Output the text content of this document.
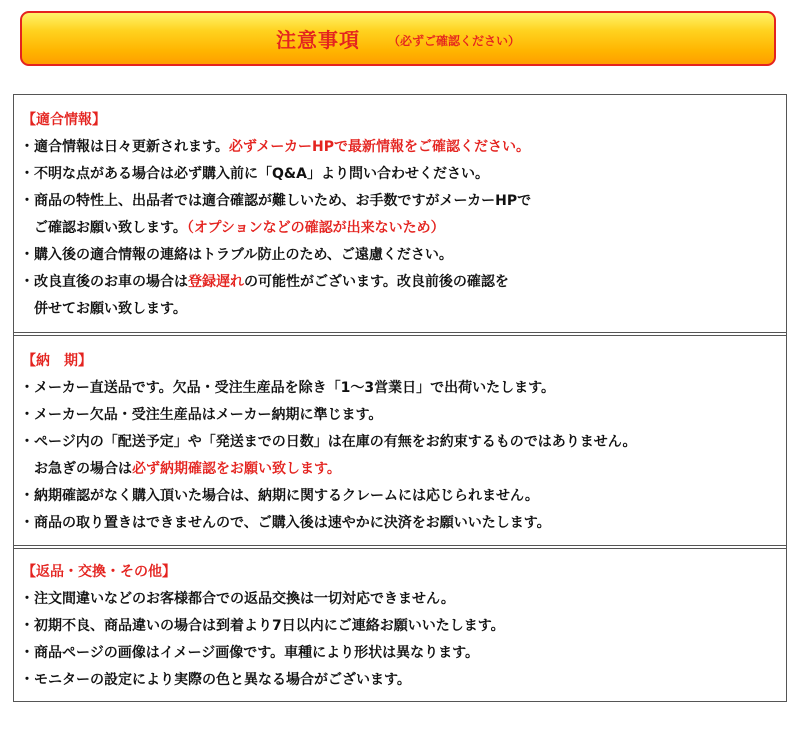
注意事項 （必ずご確認ください）
【適合情報】
・適合情報は日々更新されます。必ずメーカーHPで最新情報をご確認ください。
・不明な点がある場合は必ず購入前に「Q&A」より問い合わせください。
・商品の特性上、出品者では適合確認が難しいため、お手数ですがメーカーHPで
ご確認お願い致します。（オプションなどの確認が出来ないため）
・購入後の適合情報の連絡はトラブル防止のため、ご遠慮ください。
・改良直後のお車の場合は登録遅れの可能性がございます。改良前後の確認を
併せてお願い致します。
【納　期】
・メーカー直送品です。欠品・受注生産品を除き「1～3営業日」で出荷いたします。
・メーカー欠品・受注生産品はメーカー納期に準じます。
・ページ内の「配送予定」や「発送までの日数」は在庫の有無をお約束するものではありません。
お急ぎの場合は必ず納期確認をお願い致します。
・納期確認がなく購入頂いた場合は、納期に関するクレームには応じられません。
・商品の取り置きはできませんので、ご購入後は速やかに決済をお願いいたします。
【返品・交換・その他】
・注文間違いなどのお客様都合での返品交換は一切対応できません。
・初期不良、商品違いの場合は到着より7日以内にご連絡お願いいたします。
・商品ページの画像はイメージ画像です。車種により形状は異なります。
・モニターの設定により実際の色と異なる場合がございます。
